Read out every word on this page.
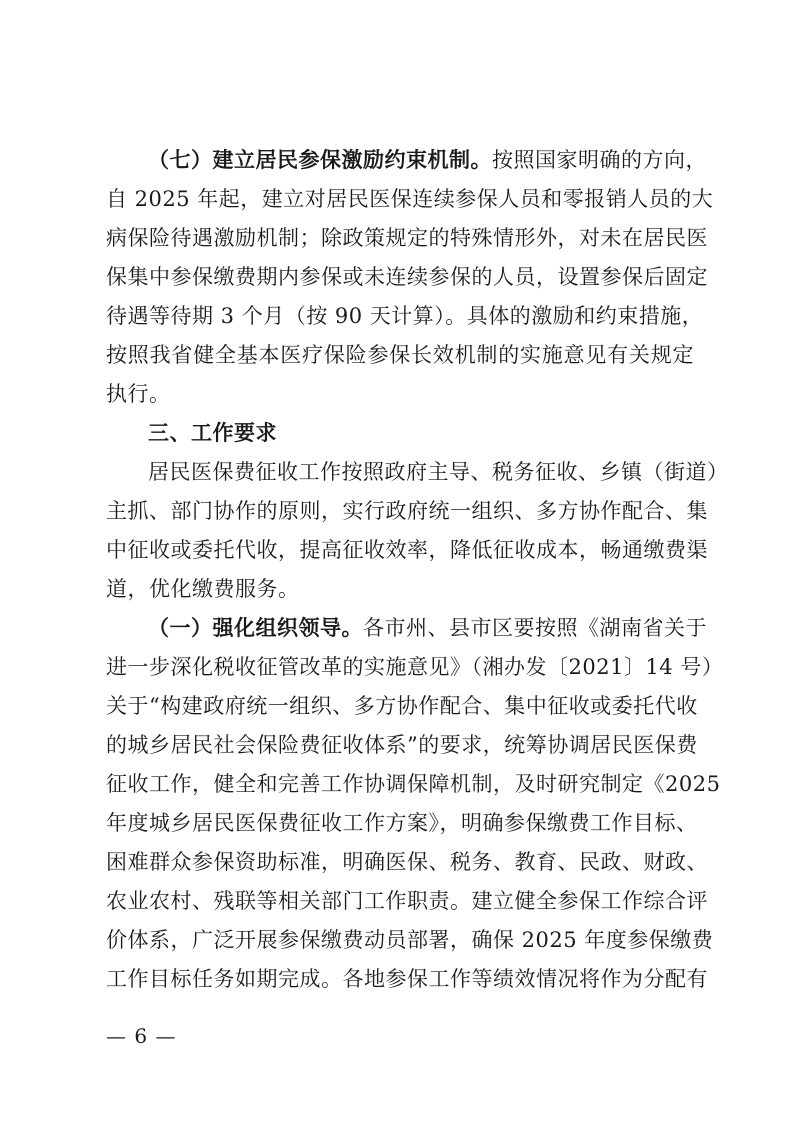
（七）建立居民参保激励约束机制。按照国家明确的方向，
自 2025 年起，建立对居民医保连续参保人员和零报销人员的大
病保险待遇激励机制；除政策规定的特殊情形外，对未在居民医
保集中参保缴费期内参保或未连续参保的人员，设置参保后固定
待遇等待期 3 个月（按 90 天计算）。具体的激励和约束措施，
按照我省健全基本医疗保险参保长效机制的实施意见有关规定
执行。
三、工作要求
居民医保费征收工作按照政府主导、税务征收、乡镇（街道）
主抓、部门协作的原则，实行政府统一组织、多方协作配合、集
中征收或委托代收，提高征收效率，降低征收成本，畅通缴费渠
道，优化缴费服务。
（一）强化组织领导。各市州、县市区要按照《湖南省关于
进一步深化税收征管改革的实施意见》（湘办发〔2021〕14 号）
关于“构建政府统一组织、多方协作配合、集中征收或委托代收
的城乡居民社会保险费征收体系”的要求，统筹协调居民医保费
征收工作，健全和完善工作协调保障机制，及时研究制定《2025
年度城乡居民医保费征收工作方案》，明确参保缴费工作目标、
困难群众参保资助标准，明确医保、税务、教育、民政、财政、
农业农村、残联等相关部门工作职责。建立健全参保工作综合评
价体系，广泛开展参保缴费动员部署，确保 2025 年度参保缴费
工作目标任务如期完成。各地参保工作等绩效情况将作为分配有
— 6 —
